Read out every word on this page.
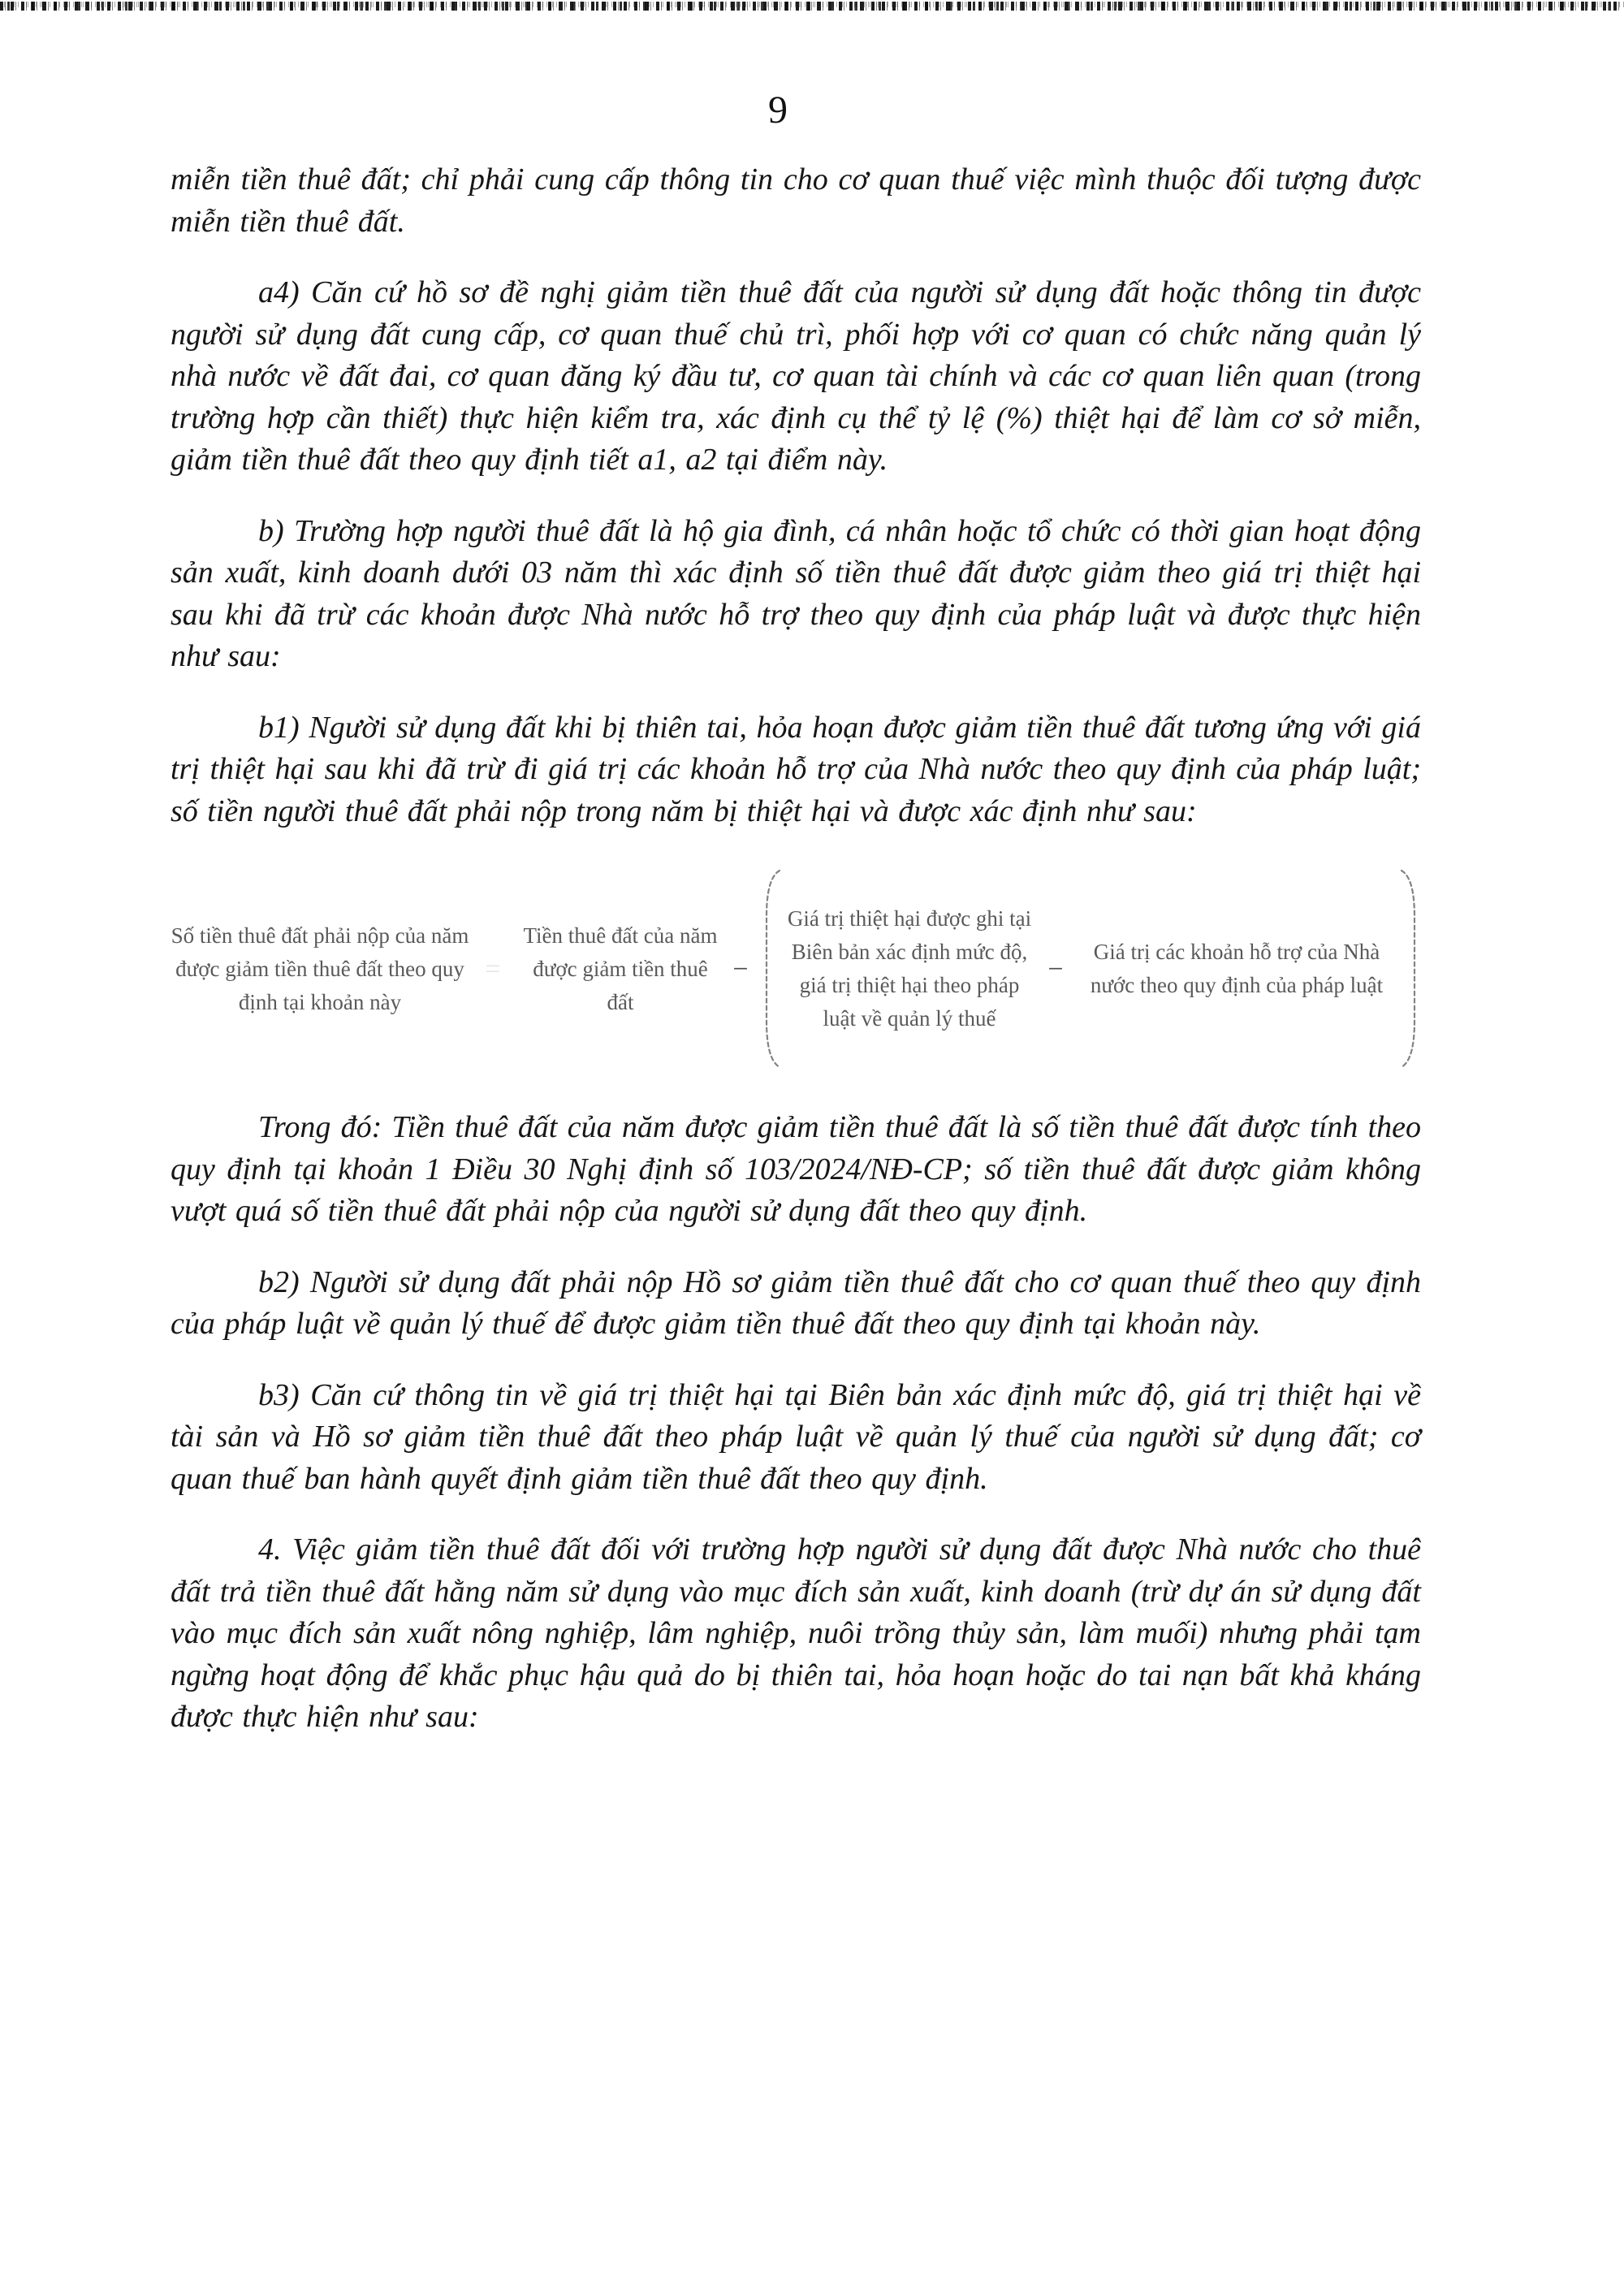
9

miễn tiền thuê đất; chỉ phải cung cấp thông tin cho cơ quan thuế việc mình thuộc đối tượng được miễn tiền thuê đất.

a4) Căn cứ hồ sơ đề nghị giảm tiền thuê đất của người sử dụng đất hoặc thông tin được người sử dụng đất cung cấp, cơ quan thuế chủ trì, phối hợp với cơ quan có chức năng quản lý nhà nước về đất đai, cơ quan đăng ký đầu tư, cơ quan tài chính và các cơ quan liên quan (trong trường hợp cần thiết) thực hiện kiểm tra, xác định cụ thể tỷ lệ (%) thiệt hại để làm cơ sở miễn, giảm tiền thuê đất theo quy định tiết a1, a2 tại điểm này.

b) Trường hợp người thuê đất là hộ gia đình, cá nhân hoặc tổ chức có thời gian hoạt động sản xuất, kinh doanh dưới 03 năm thì xác định số tiền thuê đất được giảm theo giá trị thiệt hại sau khi đã trừ các khoản được Nhà nước hỗ trợ theo quy định của pháp luật và được thực hiện như sau:

b1) Người sử dụng đất khi bị thiên tai, hỏa hoạn được giảm tiền thuê đất tương ứng với giá trị thiệt hại sau khi đã trừ đi giá trị các khoản hỗ trợ của Nhà nước theo quy định của pháp luật; số tiền người thuê đất phải nộp trong năm bị thiệt hại và được xác định như sau:

Số tiền thuê đất phải nộp của năm được giảm tiền thuê đất theo quy định tại khoản này
=
Tiền thuê đất của năm được giảm tiền thuê đất
−
Giá trị thiệt hại được ghi tại Biên bản xác định mức độ, giá trị thiệt hại theo pháp luật về quản lý thuế
−
Giá trị các khoản hỗ trợ của Nhà nước theo quy định của pháp luật

Trong đó: Tiền thuê đất của năm được giảm tiền thuê đất là số tiền thuê đất được tính theo quy định tại khoản 1 Điều 30 Nghị định số 103/2024/NĐ-CP; số tiền thuê đất được giảm không vượt quá số tiền thuê đất phải nộp của người sử dụng đất theo quy định.

b2) Người sử dụng đất phải nộp Hồ sơ giảm tiền thuê đất cho cơ quan thuế theo quy định của pháp luật về quản lý thuế để được giảm tiền thuê đất theo quy định tại khoản này.

b3) Căn cứ thông tin về giá trị thiệt hại tại Biên bản xác định mức độ, giá trị thiệt hại về tài sản và Hồ sơ giảm tiền thuê đất theo pháp luật về quản lý thuế của người sử dụng đất; cơ quan thuế ban hành quyết định giảm tiền thuê đất theo quy định.

4. Việc giảm tiền thuê đất đối với trường hợp người sử dụng đất được Nhà nước cho thuê đất trả tiền thuê đất hằng năm sử dụng vào mục đích sản xuất, kinh doanh (trừ dự án sử dụng đất vào mục đích sản xuất nông nghiệp, lâm nghiệp, nuôi trồng thủy sản, làm muối) nhưng phải tạm ngừng hoạt động để khắc phục hậu quả do bị thiên tai, hỏa hoạn hoặc do tai nạn bất khả kháng được thực hiện như sau:
